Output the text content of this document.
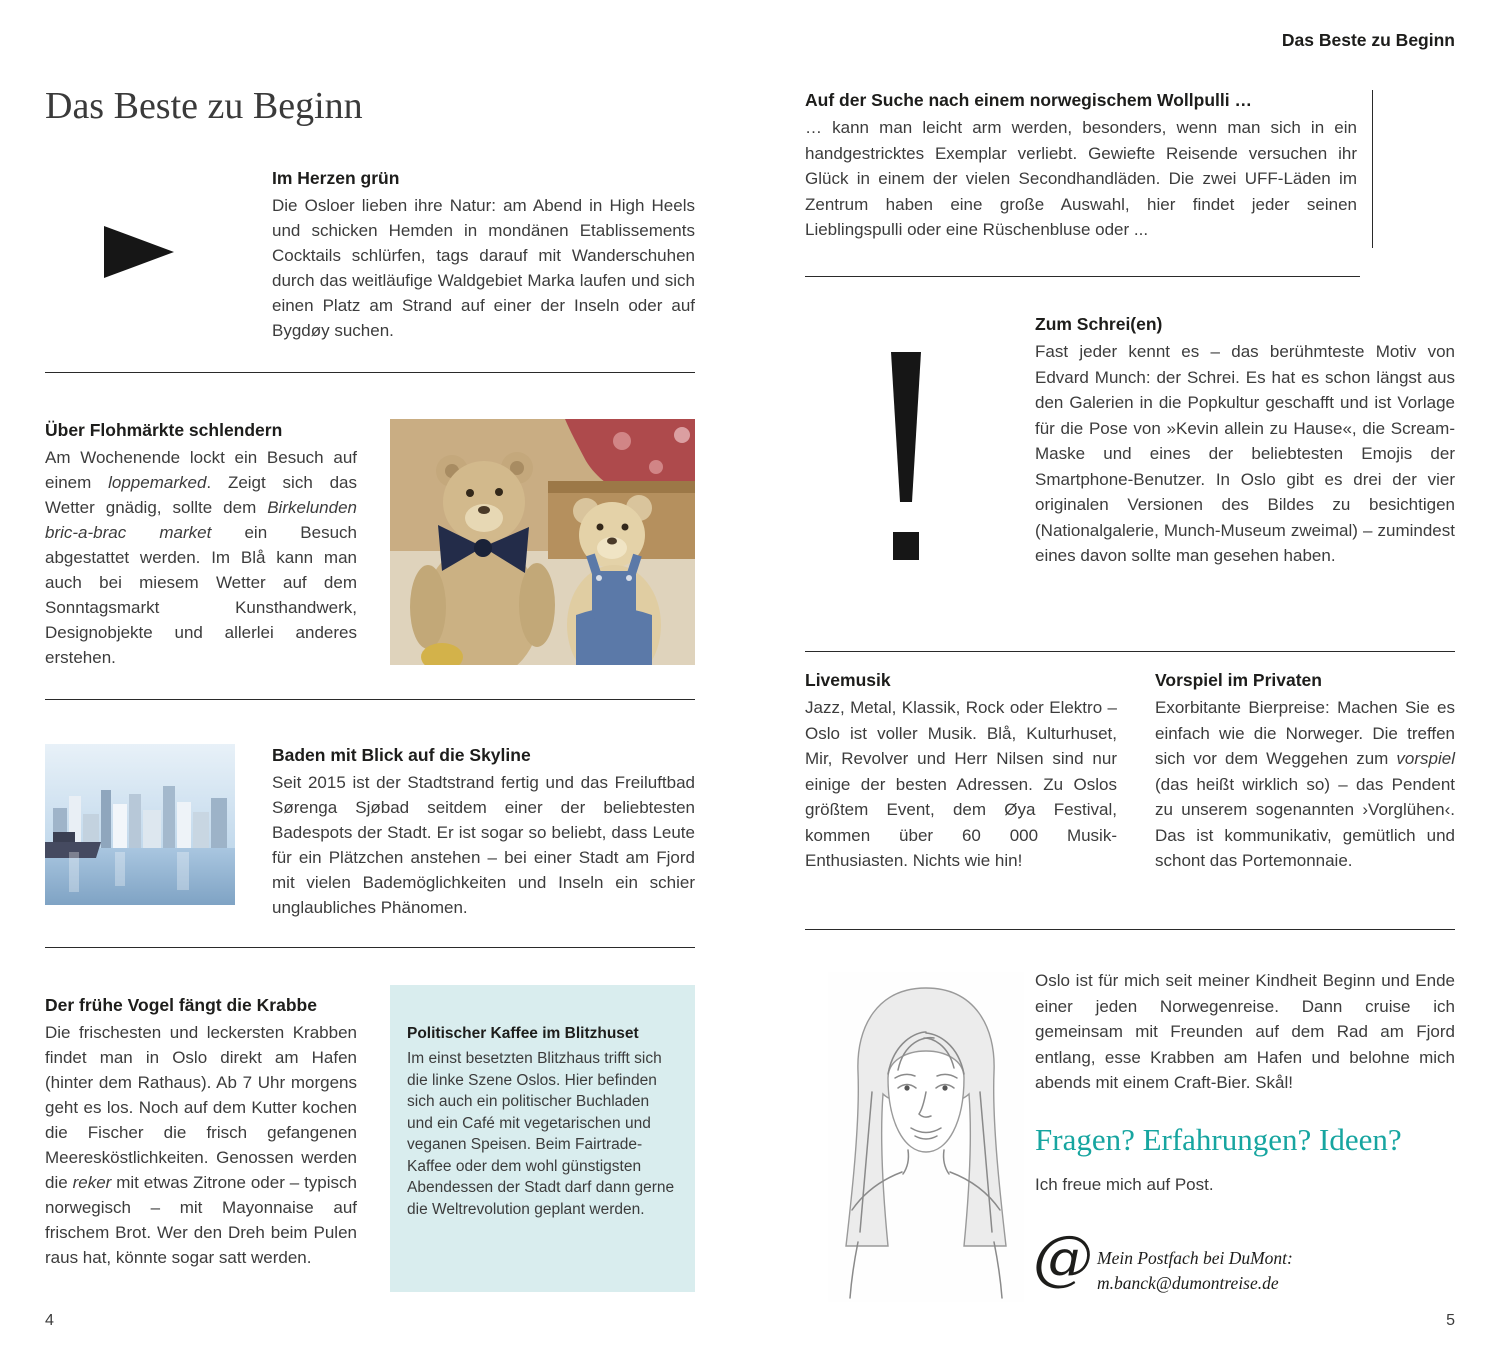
Das Beste zu Beginn
Im Herzen grün

Die Osloer lieben ihre Natur: am Abend in High Heels und schicken Hemden in mondänen Etablissements Cocktails schlürfen, tags darauf mit Wanderschuhen durch das weitläufige Waldgebiet Marka laufen und sich einen Platz am Strand auf einer der Inseln oder auf Bygdøy suchen.

Über Flohmärkte schlendern

Am Wochenende lockt ein Besuch auf einem loppemarked. Zeigt sich das Wetter gnädig, sollte dem Birkelunden bric-a-brac market ein Besuch abgestattet werden. Im Blå kann man auch bei miesem Wetter auf dem Sonntagsmarkt Kunsthandwerk, Designobjekte und allerlei anderes erstehen.

Baden mit Blick auf die Skyline

Seit 2015 ist der Stadtstrand fertig und das Freiluftbad Sørenga Sjøbad seitdem einer der beliebtesten Badespots der Stadt. Er ist sogar so beliebt, dass Leute für ein Plätzchen anstehen – bei einer Stadt am Fjord mit vielen Bademöglichkeiten und Inseln ein schier unglaubliches Phänomen.

Der frühe Vogel fängt die Krabbe

Die frischesten und leckersten Krabben findet man in Oslo direkt am Hafen (hinter dem Rathaus). Ab 7 Uhr morgens geht es los. Noch auf dem Kutter kochen die Fischer die frisch gefangenen Meeresköstlichkeiten. Genossen werden die reker mit etwas Zitrone oder – typisch norwegisch – mit Mayonnaise auf frischem Brot. Wer den Dreh beim Pulen raus hat, könnte sogar satt werden.

Politischer Kaffee im Blitzhuset
Im einst besetzten Blitzhaus trifft sich die linke Szene Oslos. Hier befinden sich auch ein politischer Buchladen und ein Café mit vegetarischen und veganen Speisen. Beim Fairtrade-Kaffee oder dem wohl günstigsten Abendessen der Stadt darf dann gerne die Weltrevolution geplant werden.
4
Das Beste zu Beginn
Auf der Suche nach einem norwegischem Wollpulli …

… kann man leicht arm werden, besonders, wenn man sich in ein handgestricktes Exemplar verliebt. Gewiefte Reisende versuchen ihr Glück in einem der vielen Secondhandläden. Die zwei UFF-Läden im Zentrum haben eine große Auswahl, hier findet jeder seinen Lieblingspulli oder eine Rüschenbluse oder ...

Zum Schrei(en)

Fast jeder kennt es – das berühmteste Motiv von Edvard Munch: der Schrei. Es hat es schon längst aus den Galerien in die Popkultur geschafft und ist Vorlage für die Pose von »Kevin allein zu Hause«, die Scream-Maske und eines der beliebtesten Emojis der Smartphone-Benutzer. In Oslo gibt es drei der vier originalen Versionen des Bildes zu besichtigen (Nationalgalerie, Munch-Museum zweimal) – zumindest eines davon sollte man gesehen haben.

Livemusik

Jazz, Metal, Klassik, Rock oder Elektro – Oslo ist voller Musik. Blå, Kulturhuset, Mir, Revolver und Herr Nilsen sind nur einige der besten Adressen. Zu Oslos größtem Event, dem Øya Festival, kommen über 60 000 Musik-Enthusiasten. Nichts wie hin!

Vorspiel im Privaten

Exorbitante Bierpreise: Machen Sie es einfach wie die Norweger. Die treffen sich vor dem Weggehen zum vorspiel (das heißt wirklich so) – das Pendent zu unserem sogenannten ›Vorglühen‹. Das ist kommunikativ, gemütlich und schont das Portemonnaie.

Oslo ist für mich seit meiner Kindheit Beginn und Ende einer jeden Norwegenreise. Dann cruise ich gemeinsam mit Freunden auf dem Rad am Fjord entlang, esse Krabben am Hafen und belohne mich abends mit einem Craft-Bier. Skål!

Fragen? Erfahrungen? Ideen?

Ich freue mich auf Post.

@ Mein Postfach bei DuMont:
m.banck@dumontreise.de
5
